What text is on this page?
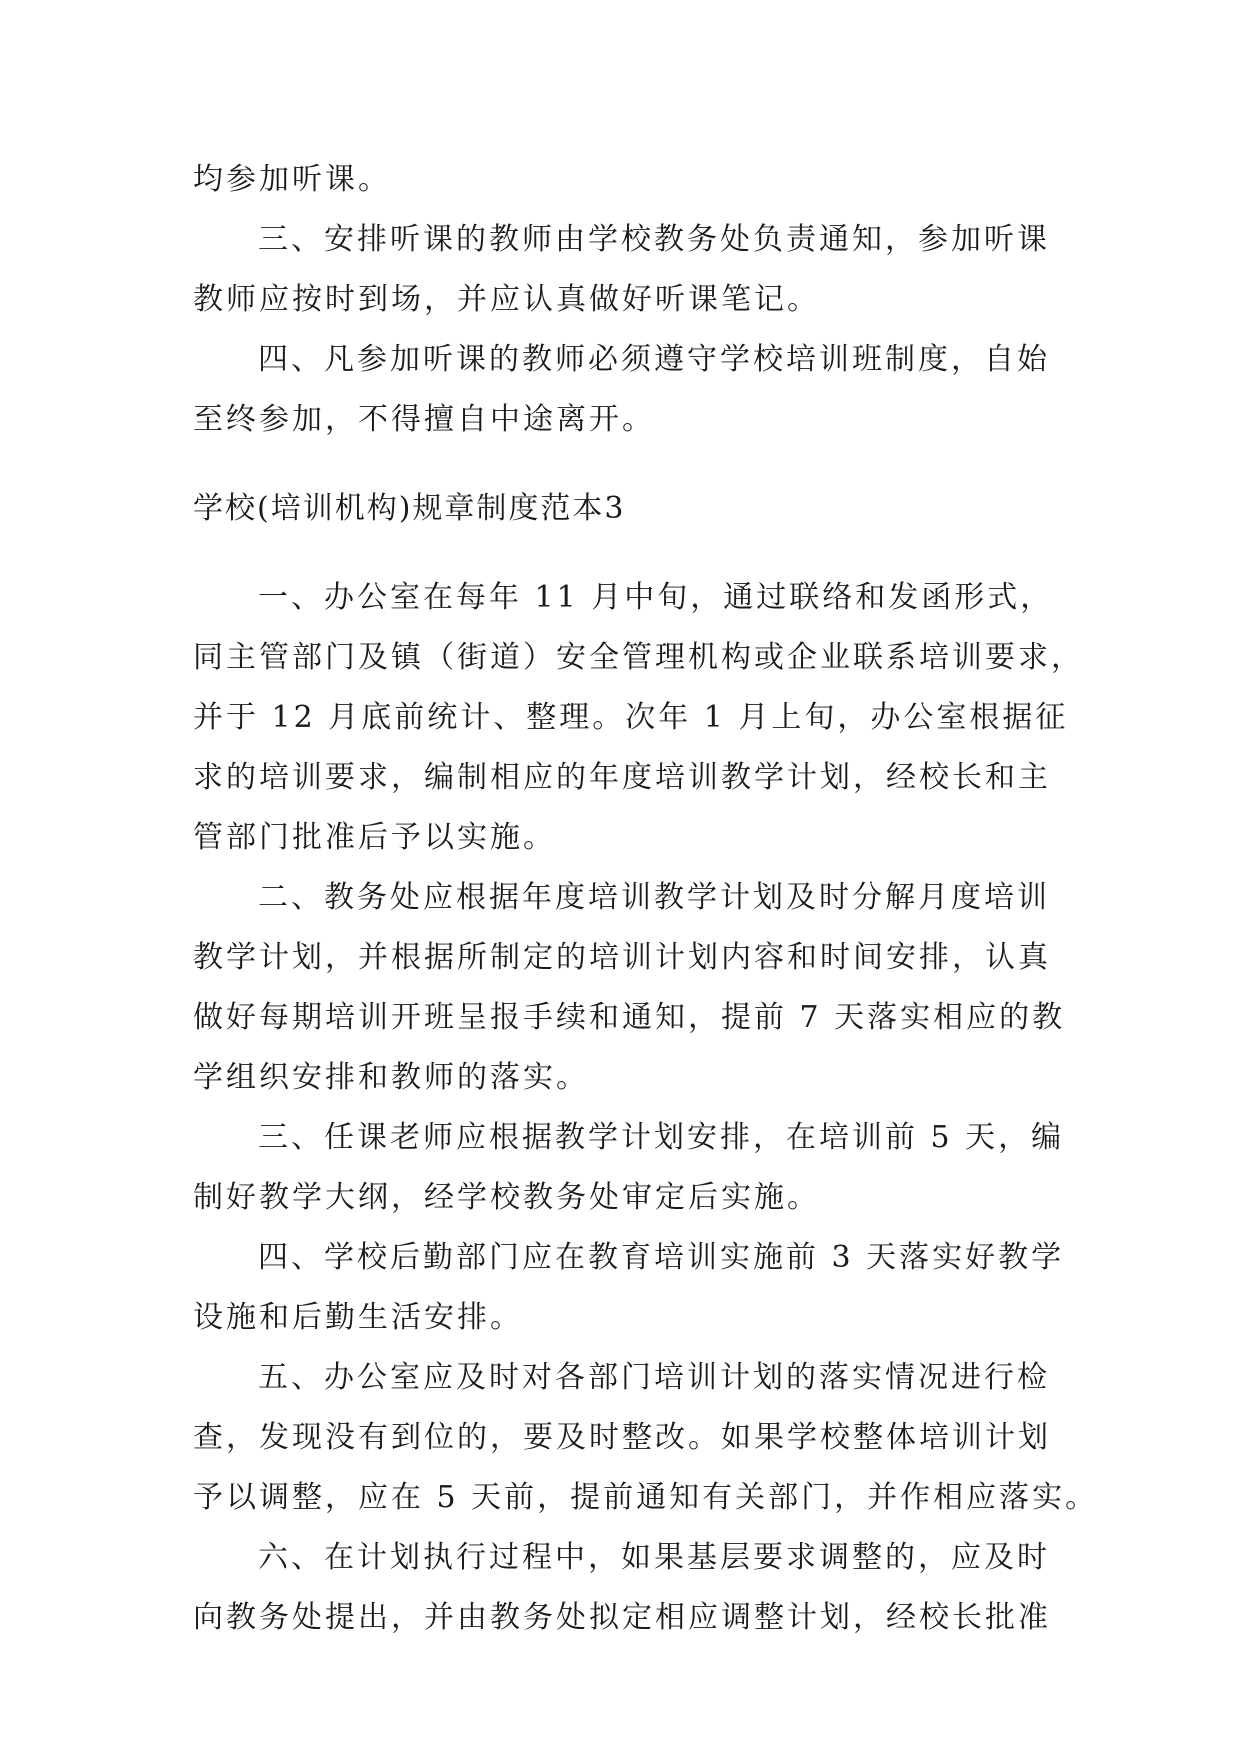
均参加听课。

三、安排听课的教师由学校教务处负责通知，参加听课

教师应按时到场，并应认真做好听课笔记。

四、凡参加听课的教师必须遵守学校培训班制度，自始

至终参加，不得擅自中途离开。

学校(培训机构)规章制度范本3

一、办公室在每年 11 月中旬，通过联络和发函形式，

同主管部门及镇（街道）安全管理机构或企业联系培训要求，

并于 12 月底前统计、整理。次年 1 月上旬，办公室根据征

求的培训要求，编制相应的年度培训教学计划，经校长和主

管部门批准后予以实施。

二、教务处应根据年度培训教学计划及时分解月度培训

教学计划，并根据所制定的培训计划内容和时间安排，认真

做好每期培训开班呈报手续和通知，提前 7 天落实相应的教

学组织安排和教师的落实。

三、任课老师应根据教学计划安排，在培训前 5 天，编

制好教学大纲，经学校教务处审定后实施。

四、学校后勤部门应在教育培训实施前 3 天落实好教学

设施和后勤生活安排。

五、办公室应及时对各部门培训计划的落实情况进行检

查，发现没有到位的，要及时整改。如果学校整体培训计划

予以调整，应在 5 天前，提前通知有关部门，并作相应落实。

六、在计划执行过程中，如果基层要求调整的，应及时

向教务处提出，并由教务处拟定相应调整计划，经校长批准
